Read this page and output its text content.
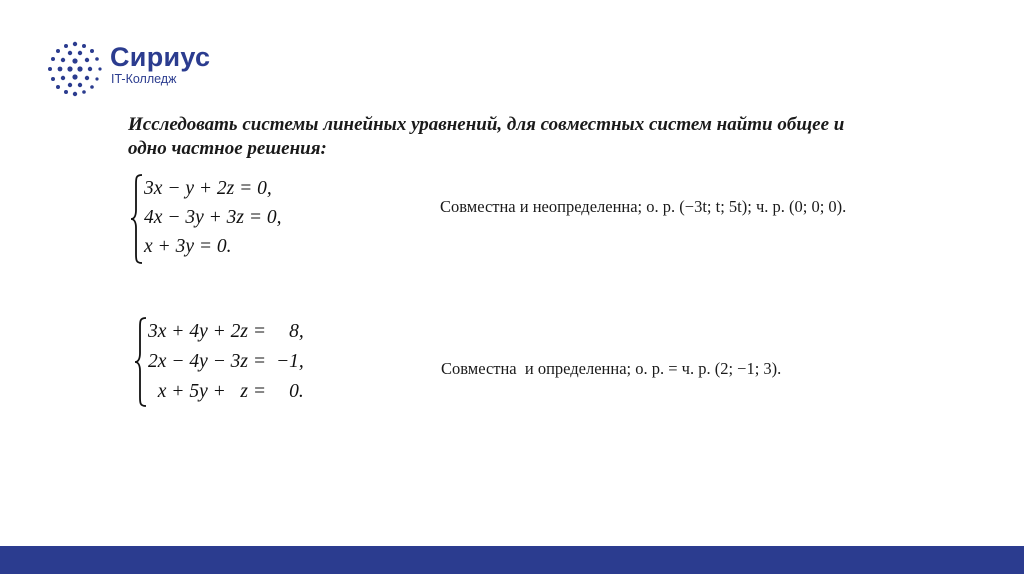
Сириус
IT-Колледж
Исследовать системы линейных уравнений, для совместных систем найти общее и одно частное решения:
3x − y + 2z = 0,
4x − 3y + 3z = 0,
x + 3y = 0.
Совместна и неопределенна; о. р. (−3t; t; 5t); ч. р. (0; 0; 0).
3x + 4y + 2z =		8,
2x − 4y − 3z =		−1,
x + 5y +   z =		0.
Совместна  и определенна; о. р. = ч. р. (2; −1; 3).
